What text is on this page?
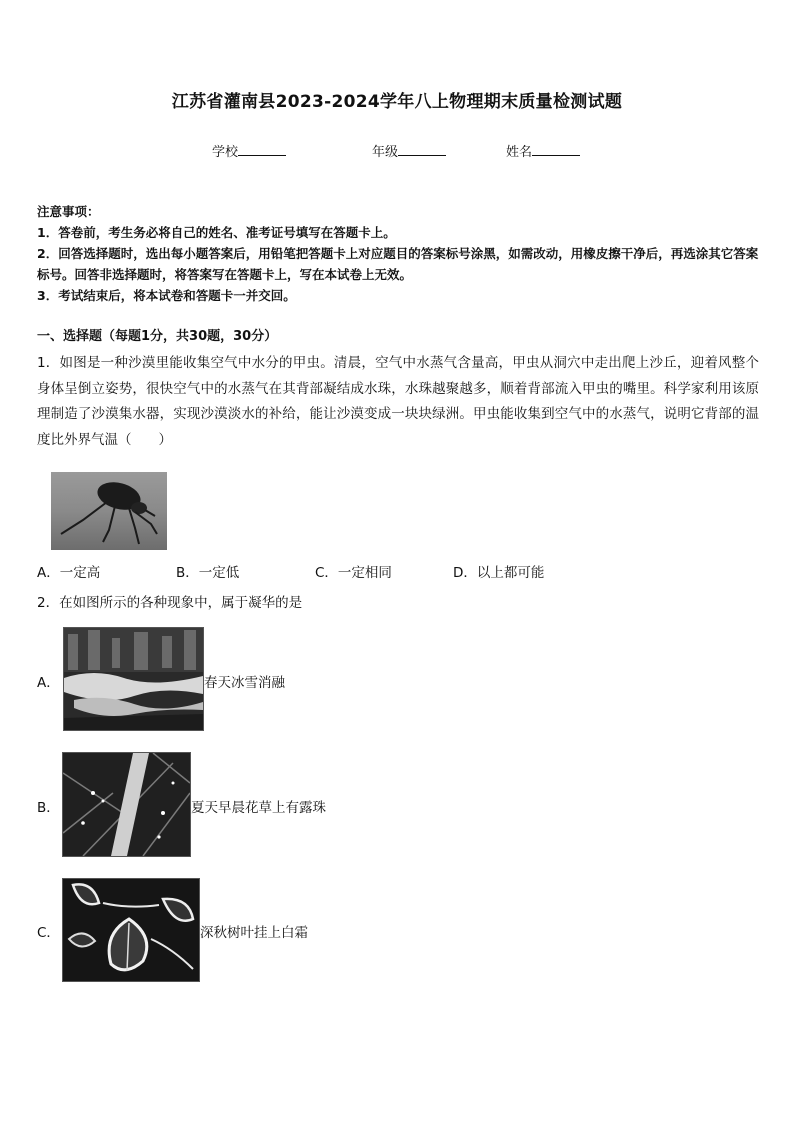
江苏省灌南县2023-2024学年八上物理期末质量检测试题
学校	年级	姓名
注意事项：
1．答卷前，考生务必将自己的姓名、准考证号填写在答题卡上。
2．回答选择题时，选出每小题答案后，用铅笔把答题卡上对应题目的答案标号涂黑，如需改动，用橡皮擦干净后，再选涂其它答案标号。回答非选择题时，将答案写在答题卡上，写在本试卷上无效。
3．考试结束后，将本试卷和答题卡一并交回。
一、选择题（每题1分，共30题，30分）
1．如图是一种沙漠里能收集空气中水分的甲虫。清晨，空气中水蒸气含量高，甲虫从洞穴中走出爬上沙丘，迎着风整个身体呈倒立姿势，很快空气中的水蒸气在其背部凝结成水珠，水珠越聚越多，顺着背部流入甲虫的嘴里。科学家利用该原理制造了沙漠集水器，实现沙漠淡水的补给，能让沙漠变成一块块绿洲。甲虫能收集到空气中的水蒸气，说明它背部的温度比外界气温（　　）
A．一定高	B．一定低	C．一定相同	D．以上都可能
2．在如图所示的各种现象中，属于凝华的是
A．	春天冰雪消融
B．	夏天早晨花草上有露珠
C．	深秋树叶挂上白霜
